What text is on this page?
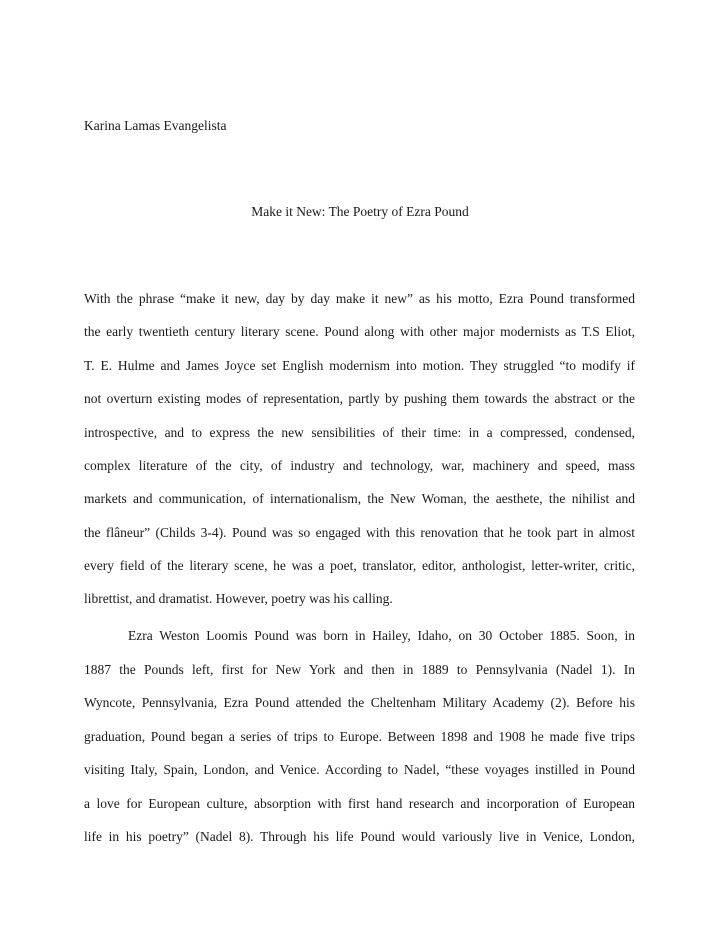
Karina Lamas Evangelista
Make it New: The Poetry of Ezra Pound
With the phrase “make it new, day by day make it new” as his motto, Ezra Pound transformed
the early twentieth century literary scene. Pound along with other major modernists as T.S Eliot,
T. E. Hulme and James Joyce set English modernism into motion. They struggled “to modify if
not overturn existing modes of representation, partly by pushing them towards the abstract or the
introspective, and to express the new sensibilities of their time: in a compressed, condensed,
complex literature of the city, of industry and technology, war, machinery and speed, mass
markets and communication, of internationalism, the New Woman, the aesthete, the nihilist and
the flâneur” (Childs 3-4). Pound was so engaged with this renovation that he took part in almost
every field of the literary scene, he was a poet, translator, editor, anthologist, letter-writer, critic,
librettist, and dramatist. However, poetry was his calling.
Ezra Weston Loomis Pound was born in Hailey, Idaho, on 30 October 1885. Soon, in
1887 the Pounds left, first for New York and then in 1889 to Pennsylvania (Nadel 1). In
Wyncote, Pennsylvania, Ezra Pound attended the Cheltenham Military Academy (2). Before his
graduation, Pound began a series of trips to Europe. Between 1898 and 1908 he made five trips
visiting Italy, Spain, London, and Venice. According to Nadel, “these voyages instilled in Pound
a love for European culture, absorption with first hand research and incorporation of European
life in his poetry” (Nadel 8). Through his life Pound would variously live in Venice, London,
